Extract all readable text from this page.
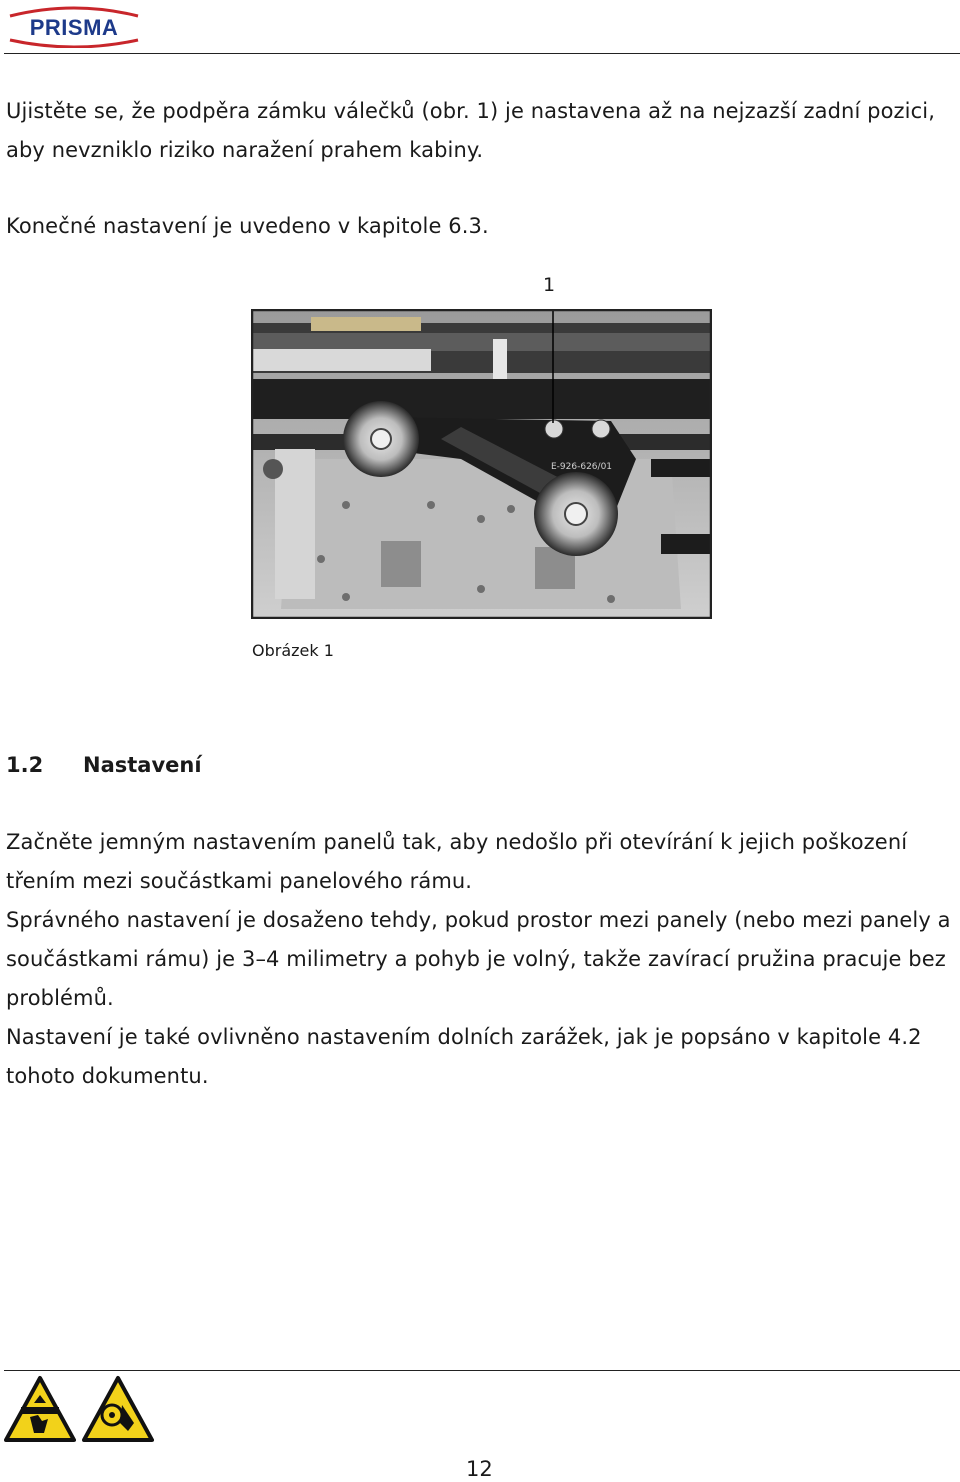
PRISMA

Ujistěte se, že podpěra zámku válečků (obr. 1) je nastavena až na nejzazší zadní pozici, aby nevzniklo riziko naražení prahem kabiny.

Konečné nastavení je uvedeno v kapitole 6.3.

1
E-926-626/01
Obrázek 1
1.2 Nastavení

Začněte jemným nastavením panelů tak, aby nedošlo při otevírání k jejich poškození třením mezi součástkami panelového rámu.
Správného nastavení je dosaženo tehdy, pokud prostor mezi panely (nebo mezi panely a součástkami rámu) je 3–4 milimetry a pohyb je volný, takže zavírací pružina pracuje bez problémů.
Nastavení je také ovlivněno nastavením dolních zarážek, jak je popsáno v kapitole 4.2 tohoto dokumentu.

12
